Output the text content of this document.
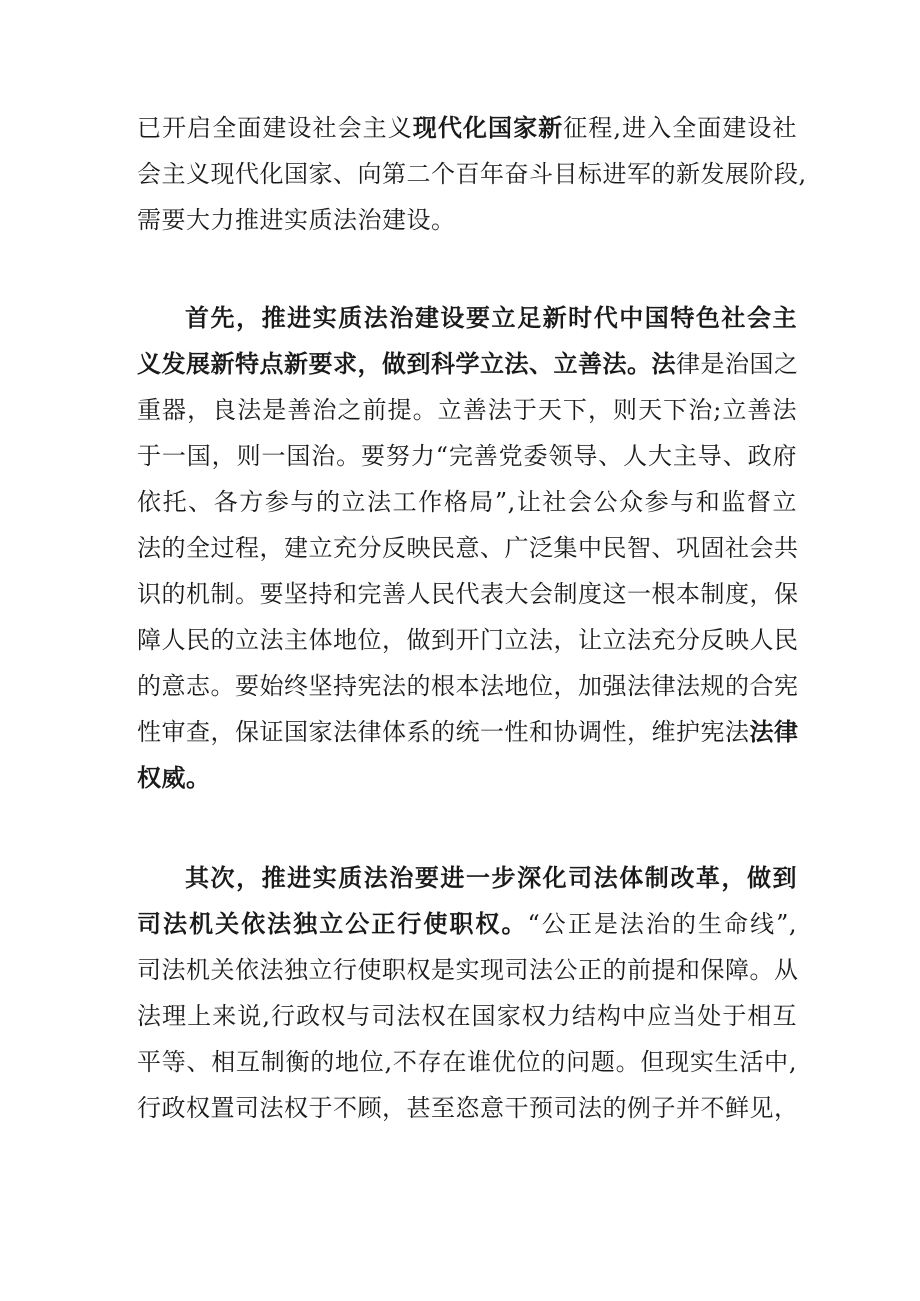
已开启全面建设社会主义现代化国家新征程,进入全面建设社
会主义现代化国家、向第二个百年奋斗目标进军的新发展阶段,
需要大力推进实质法治建设。
首先，推进实质法治建设要立足新时代中国特色社会主
义发展新特点新要求，做到科学立法、立善法。法律是治国之
重器，良法是善治之前提。立善法于天下，则天下治;立善法
于一国，则一国治。要努力“完善党委领导、人大主导、政府
依托、各方参与的立法工作格局”,让社会公众参与和监督立
法的全过程，建立充分反映民意、广泛集中民智、巩固社会共
识的机制。要坚持和完善人民代表大会制度这一根本制度，保
障人民的立法主体地位，做到开门立法，让立法充分反映人民
的意志。要始终坚持宪法的根本法地位，加强法律法规的合宪
性审查，保证国家法律体系的统一性和协调性，维护宪法法律
权威。
其次，推进实质法治要进一步深化司法体制改革，做到
司法机关依法独立公正行使职权。“公正是法治的生命线”,
司法机关依法独立行使职权是实现司法公正的前提和保障。从
法理上来说,行政权与司法权在国家权力结构中应当处于相互
平等、相互制衡的地位,不存在谁优位的问题。但现实生活中,
行政权置司法权于不顾，甚至恣意干预司法的例子并不鲜见，
